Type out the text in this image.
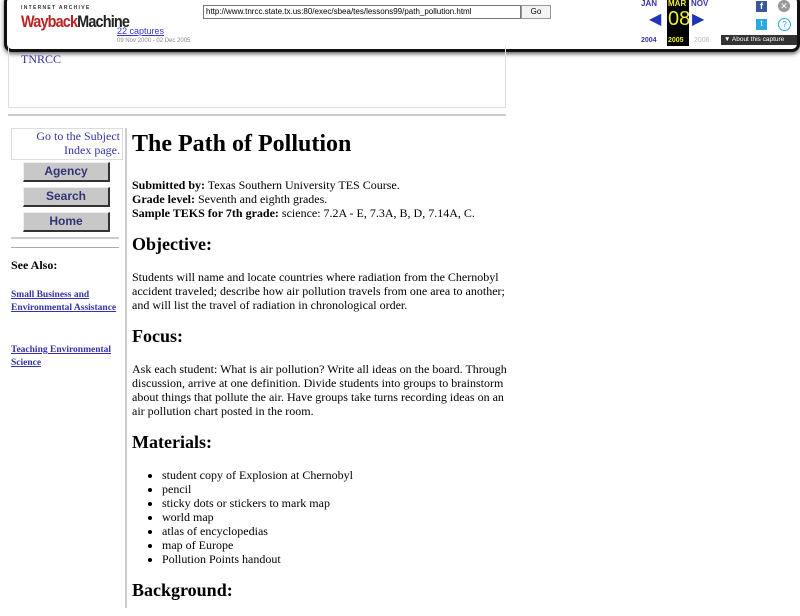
INTERNET ARCHIVE
WaybackMachine
22 captures
09 Nov 2000 - 02 Dec 2005
http://www.tnrcc.state.tx.us:80/exec/sbea/tes/lessons99/path_pollution.html	Go
JAN MAR NOV
◀ 08 ▶
2004 2005 2006
f	✕
t	?
▼ About this capture
TNRCC
Go to the Subject Index page.
Agency
Search
Home
See Also:
Small Business and Environmental Assistance
Teaching Environmental Science
The Path of Pollution

Submitted by: Texas Southern University TES Course.

Grade level: Seventh and eighth grades.

Sample TEKS for 7th grade: science: 7.2A - E, 7.3A, B, D, 7.14A, C.

Objective:

Students will name and locate countries where radiation from the Chernobyl accident traveled; describe how air pollution travels from one area to another; and will list the travel of radiation in chronological order.

Focus:

Ask each student: What is air pollution? Write all ideas on the board. Through discussion, arrive at one definition. Divide students into groups to brainstorm about things that pollute the air. Have groups take turns recording ideas on an air pollution chart posted in the room.

Materials:
• student copy of Explosion at Chernobyl
• pencil
• sticky dots or stickers to mark map
• world map
• atlas of encyclopedias
• map of Europe
• Pollution Points handout
Background:
